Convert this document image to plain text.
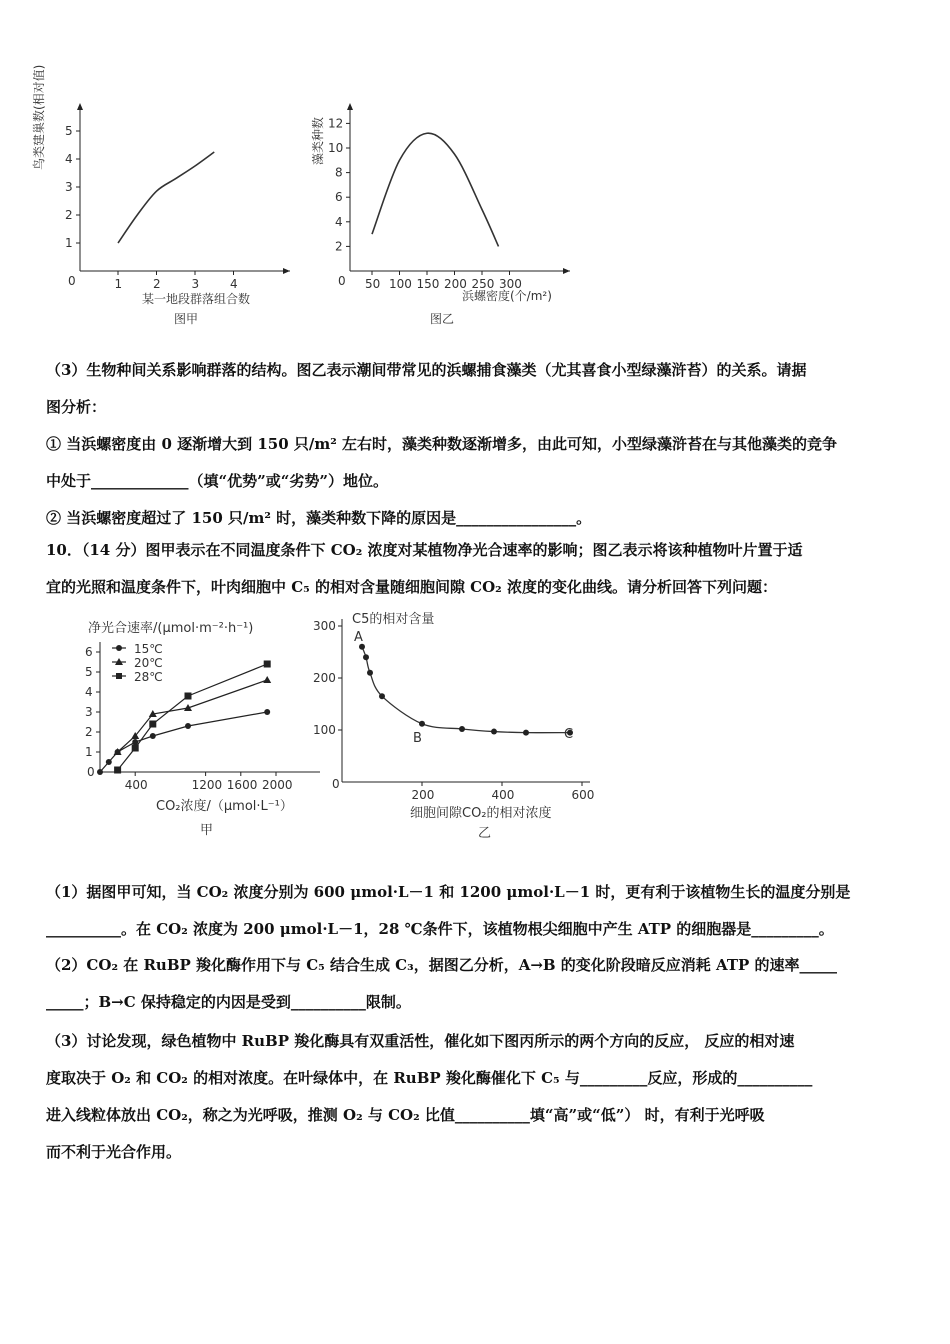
1	2	3	4
1
2
3
4
5
0
某一地段群落组合数
图甲
鸟类建巢数(相对值)
50 100 150 200 250 300
2
4
6
8
10
12
0
浜螺密度(个/m²)
图乙
藻类种数
（3）生物种间关系影响群落的结构。图乙表示潮间带常见的浜螺捕食藻类（尤其喜食小型绿藻浒苔）的关系。请据
图分析：
① 当浜螺密度由 0 逐渐增大到 150 只/m² 左右时，藻类种数逐渐增多，由此可知，小型绿藻浒苔在与其他藻类的竞争
中处于_____________（填“优势”或“劣势”）地位。
② 当浜螺密度超过了 150 只/m² 时，藻类种数下降的原因是________________。
10．（14 分）图甲表示在不同温度条件下 CO₂ 浓度对某植物净光合速率的影响；图乙表示将该种植物叶片置于适
宜的光照和温度条件下，叶肉细胞中 C₅ 的相对含量随细胞间隙 CO₂ 浓度的变化曲线。请分析回答下列问题：
400	1200 1600 2000
1
2
3
4
5
6
净光合速率/(μmol·m⁻²·h⁻¹)
15℃
20℃
28℃
0
CO₂浓度/（μmol·L⁻¹）
甲
200	400	600
100
200
300 C5的相对含量
A
B	C
0
细胞间隙CO₂的相对浓度
乙
（1）据图甲可知，当 CO₂ 浓度分别为 600 μmol·L－1 和 1200 μmol·L－1 时，更有利于该植物生长的温度分别是
__________。在 CO₂ 浓度为 200 μmol·L－1，28 ℃条件下，该植物根尖细胞中产生 ATP 的细胞器是_________。
（2）CO₂ 在 RuBP 羧化酶作用下与 C₅ 结合生成 C₃，据图乙分析，A→B 的变化阶段暗反应消耗 ATP 的速率_____
_____；B→C 保持稳定的内因是受到__________限制。
（3）讨论发现，绿色植物中 RuBP 羧化酶具有双重活性，催化如下图丙所示的两个方向的反应， 反应的相对速
度取决于 O₂ 和 CO₂ 的相对浓度。在叶绿体中，在 RuBP 羧化酶催化下 C₅ 与_________反应，形成的__________
进入线粒体放出 CO₂，称之为光呼吸，推测 O₂ 与 CO₂ 比值__________填“高”或“低”） 时，有利于光呼吸
而不利于光合作用。
